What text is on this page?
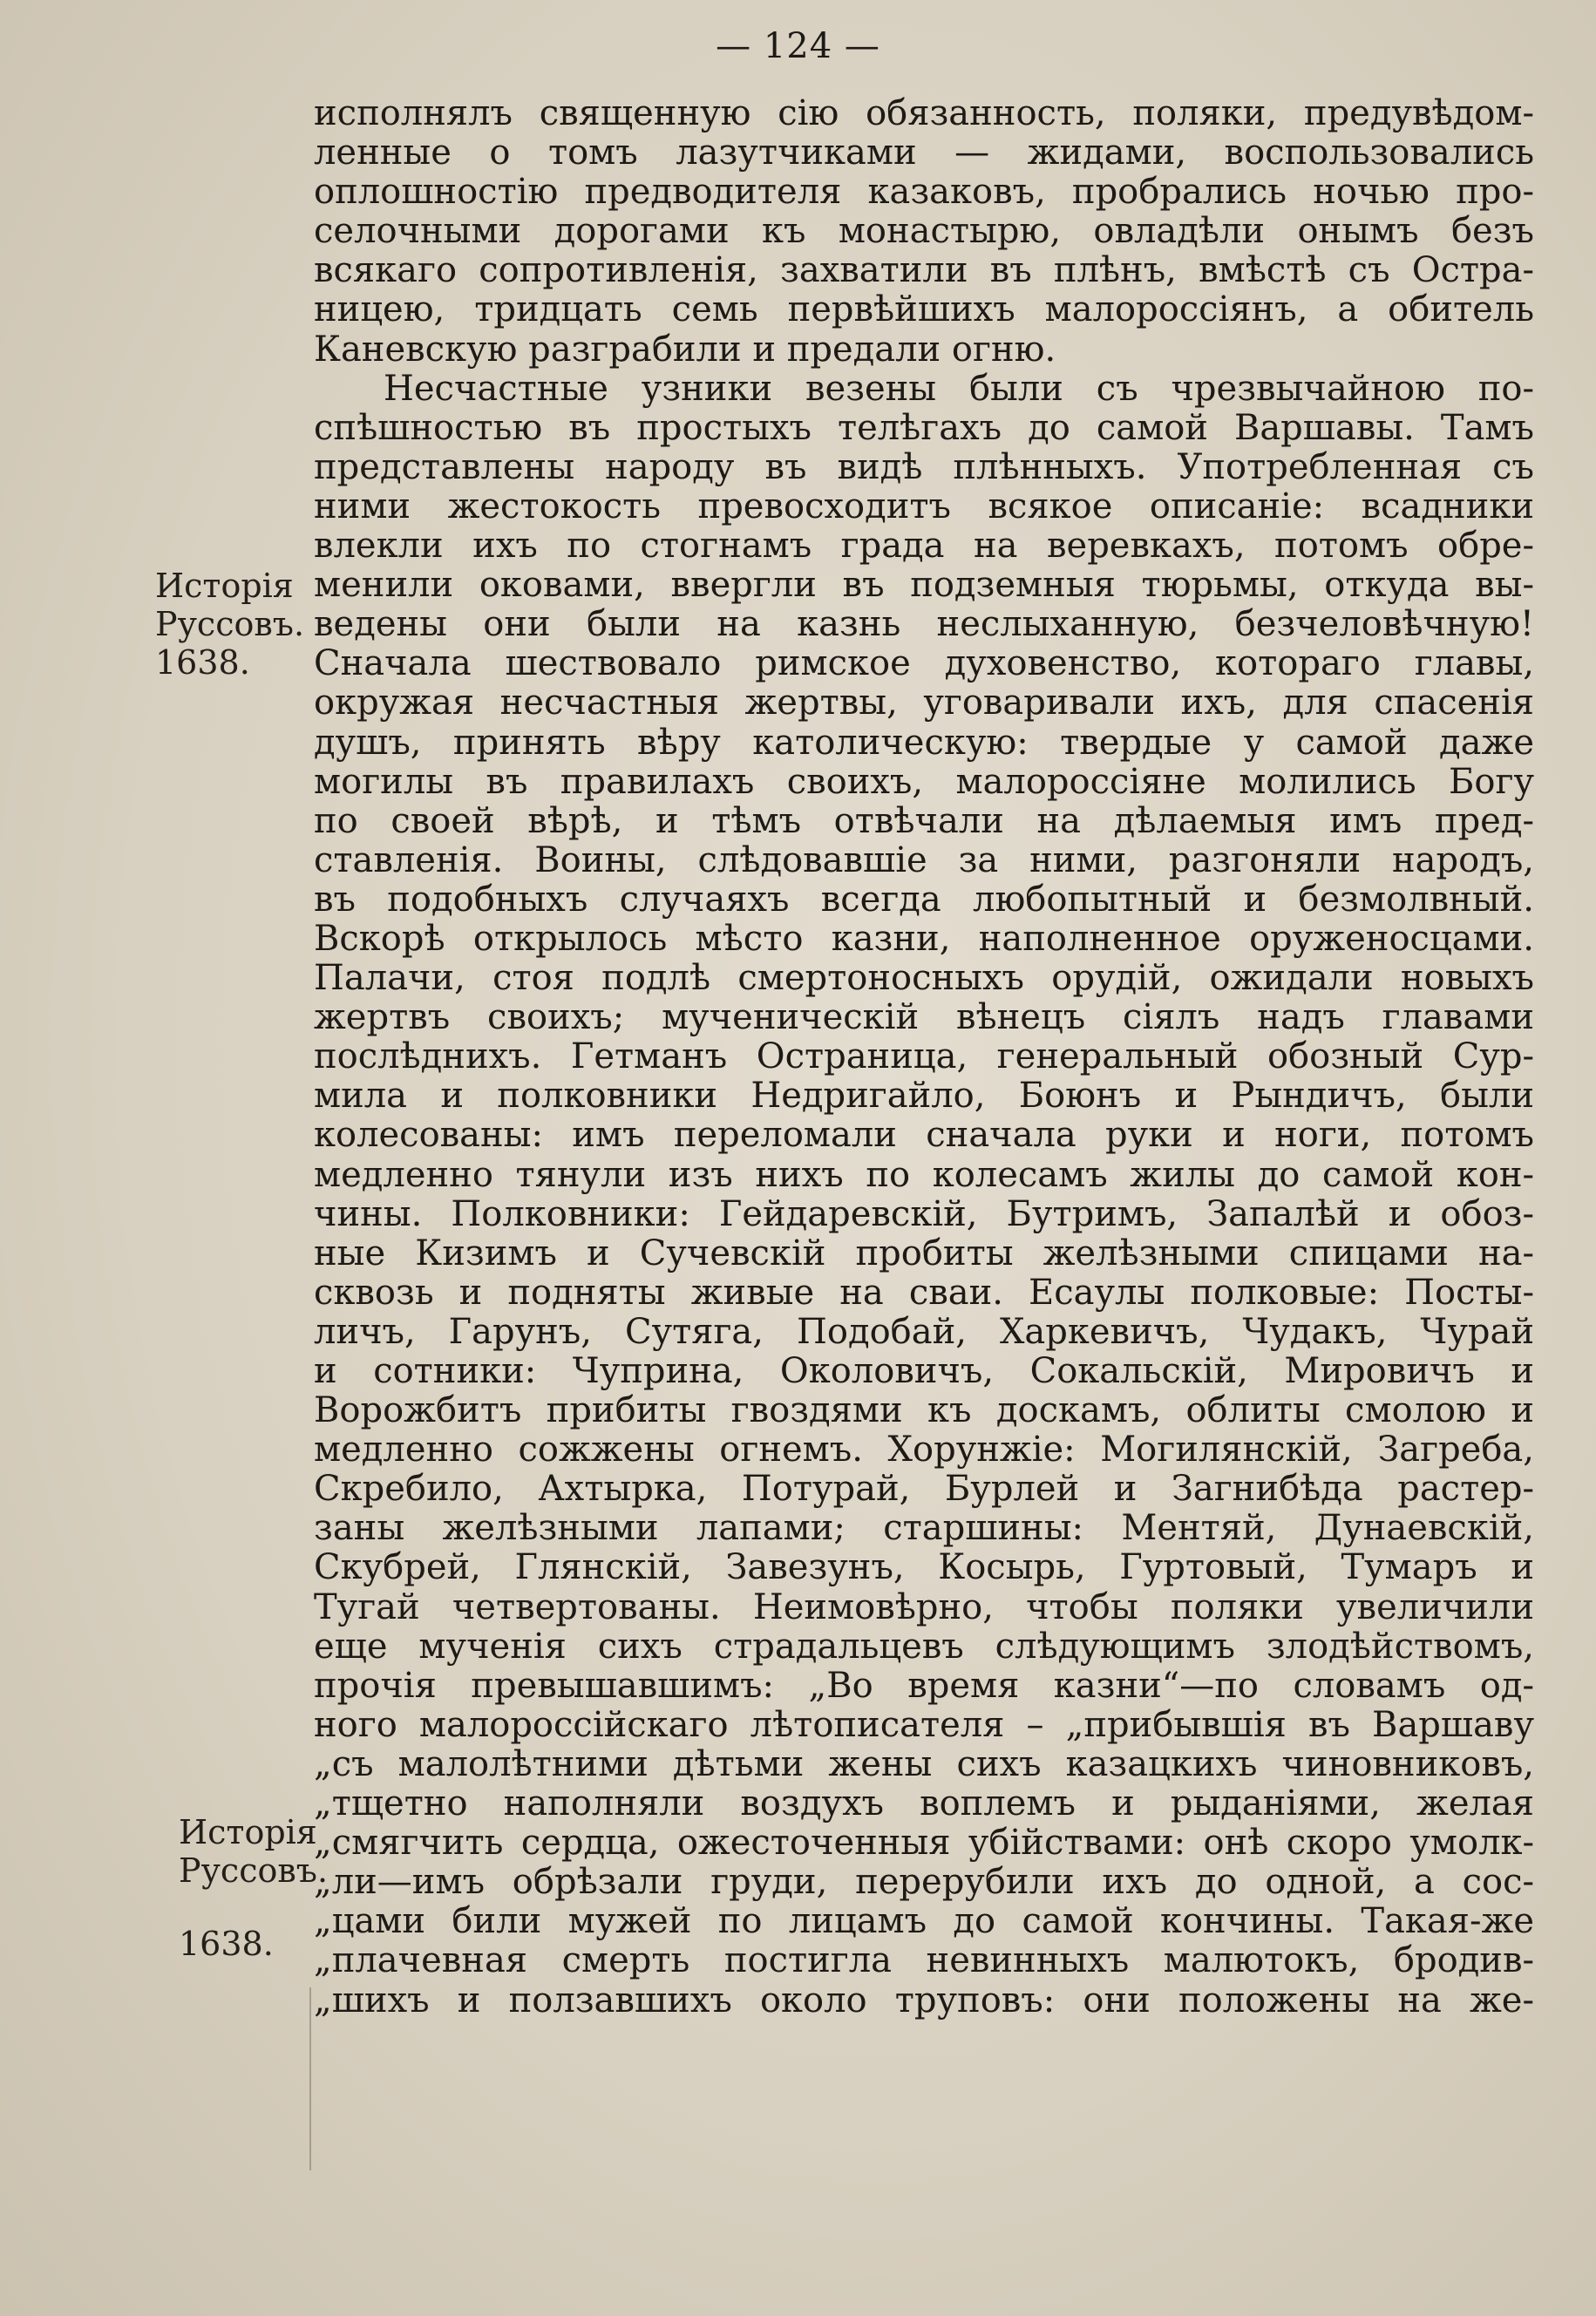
— 124 —
Исторія
Руссовъ.
1638.
Исторія
Руссовъ.
1638.
исполнялъ священную сію обязанность, поляки, предувѣдом-
ленные о томъ лазутчиками — жидами, воспользовались
оплошностію предводителя казаковъ, пробрались ночью про-
селочными дорогами къ монастырю, овладѣли онымъ безъ
всякаго сопротивленія, захватили въ плѣнъ, вмѣстѣ съ Остра-
ницею, тридцать семь первѣйшихъ малороссіянъ, а обитель
Каневскую разграбили и предали огню.
Несчастные узники везены были съ чрезвычайною по-
спѣшностью въ простыхъ телѣгахъ до самой Варшавы. Тамъ
представлены народу въ видѣ плѣнныхъ. Употребленная съ
ними жестокость превосходитъ всякое описаніе: всадники
влекли ихъ по стогнамъ града на веревкахъ, потомъ обре-
менили оковами, ввергли въ подземныя тюрьмы, откуда вы-
ведены они были на казнь неслыханную, безчеловѣчную!
Сначала шествовало римское духовенство, котораго главы,
окружая несчастныя жертвы, уговаривали ихъ, для спасенія
душъ, принять вѣру католическую: твердые у самой даже
могилы въ правилахъ своихъ, малороссіяне молились Богу
по своей вѣрѣ, и тѣмъ отвѣчали на дѣлаемыя имъ пред-
ставленія. Воины, слѣдовавшіе за ними, разгоняли народъ,
въ подобныхъ случаяхъ всегда любопытный и безмолвный.
Вскорѣ открылось мѣсто казни, наполненное оруженосцами.
Палачи, стоя подлѣ смертоносныхъ орудій, ожидали новыхъ
жертвъ своихъ; мученическій вѣнецъ сіялъ надъ главами
послѣднихъ. Гетманъ Остраница, генеральный обозный Сур-
мила и полковники Недригайло, Боюнъ и Рындичъ, были
колесованы: имъ переломали сначала руки и ноги, потомъ
медленно тянули изъ нихъ по колесамъ жилы до самой кон-
чины. Полковники: Гейдаревскій, Бутримъ, Запалѣй и обоз-
ные Кизимъ и Сучевскій пробиты желѣзными спицами на-
сквозь и подняты живые на сваи. Есаулы полковые: Посты-
личъ, Гарунъ, Сутяга, Подобай, Харкевичъ, Чудакъ, Чурай
и сотники: Чуприна, Околовичъ, Сокальскій, Мировичъ и
Ворожбитъ прибиты гвоздями къ доскамъ, облиты смолою и
медленно сожжены огнемъ. Хорунжіе: Могилянскій, Загреба,
Скребило, Ахтырка, Потурай, Бурлей и Загнибѣда растер-
заны желѣзными лапами; старшины: Ментяй, Дунаевскій,
Скубрей, Глянскій, Завезунъ, Косырь, Гуртовый, Тумаръ и
Тугай четвертованы. Неимовѣрно, чтобы поляки увеличили
еще мученія сихъ страдальцевъ слѣдующимъ злодѣйствомъ,
прочія превышавшимъ: „Во время казни“—по словамъ од-
ного малороссійскаго лѣтописателя – „прибывшія въ Варшаву
„съ малолѣтними дѣтьми жены сихъ казацкихъ чиновниковъ,
„тщетно наполняли воздухъ воплемъ и рыданіями, желая
„смягчить сердца, ожесточенныя убійствами: онѣ скоро умолк-
„ли—имъ обрѣзали груди, перерубили ихъ до одной, а сос-
„цами били мужей по лицамъ до самой кончины. Такая-же
„плачевная смерть постигла невинныхъ малютокъ, бродив-
„шихъ и ползавшихъ около труповъ: они положены на же-
